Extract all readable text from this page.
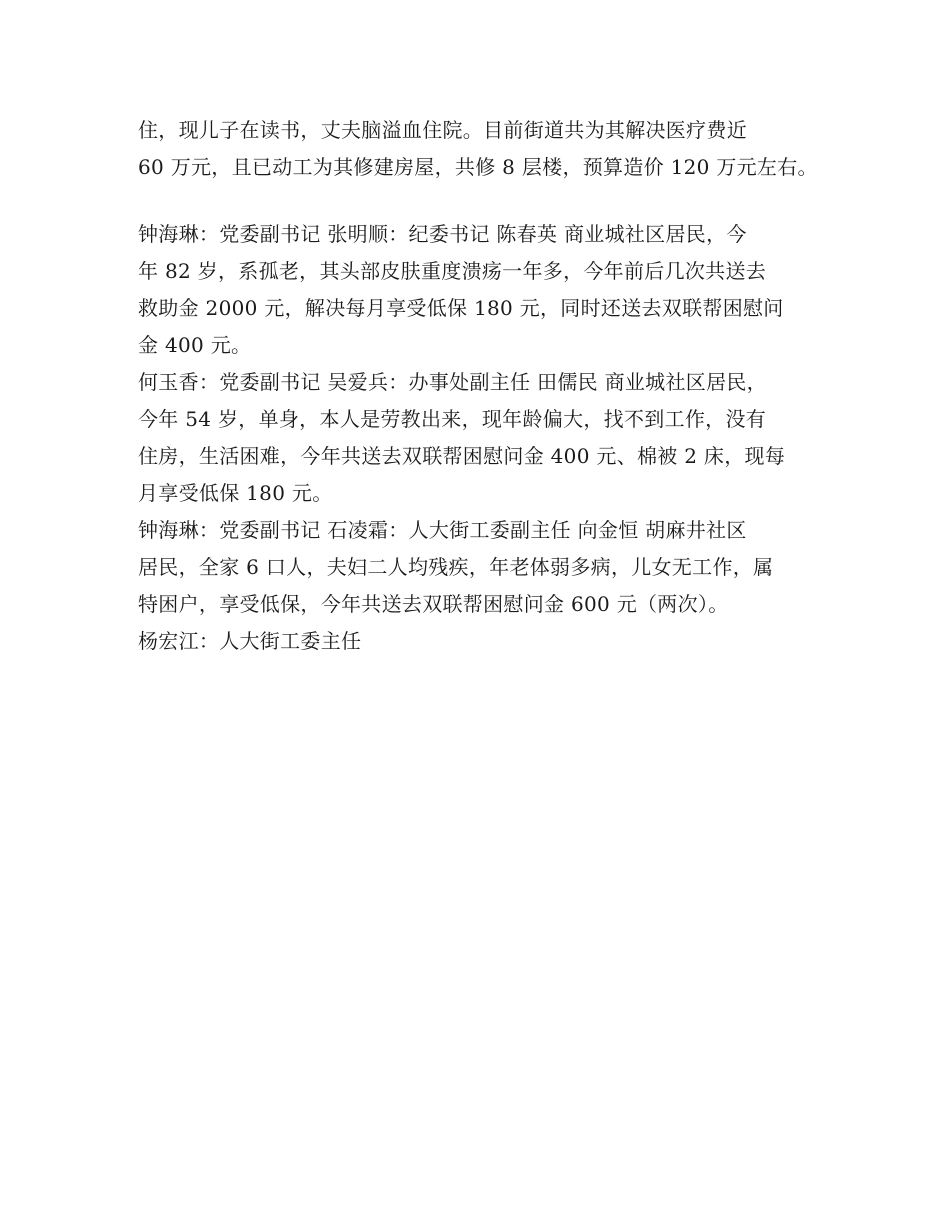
住，现儿子在读书，丈夫脑溢血住院。目前街道共为其解决医疗费近
60 万元，且已动工为其修建房屋，共修 8 层楼，预算造价 120 万元左右。
钟海琳：党委副书记 张明顺：纪委书记 陈春英 商业城社区居民，今
年 82 岁，系孤老，其头部皮肤重度溃疡一年多，今年前后几次共送去
救助金 2000 元，解决每月享受低保 180 元，同时还送去双联帮困慰问
金 400 元。
何玉香：党委副书记 吴爱兵：办事处副主任 田儒民 商业城社区居民，
今年 54 岁，单身，本人是劳教出来，现年龄偏大，找不到工作，没有
住房，生活困难，今年共送去双联帮困慰问金 400 元、棉被 2 床，现每
月享受低保 180 元。
钟海琳：党委副书记 石凌霜：人大街工委副主任 向金恒 胡麻井社区
居民，全家 6 口人，夫妇二人均残疾，年老体弱多病，儿女无工作，属
特困户，享受低保，今年共送去双联帮困慰问金 600 元（两次）。
杨宏江：人大街工委主任
